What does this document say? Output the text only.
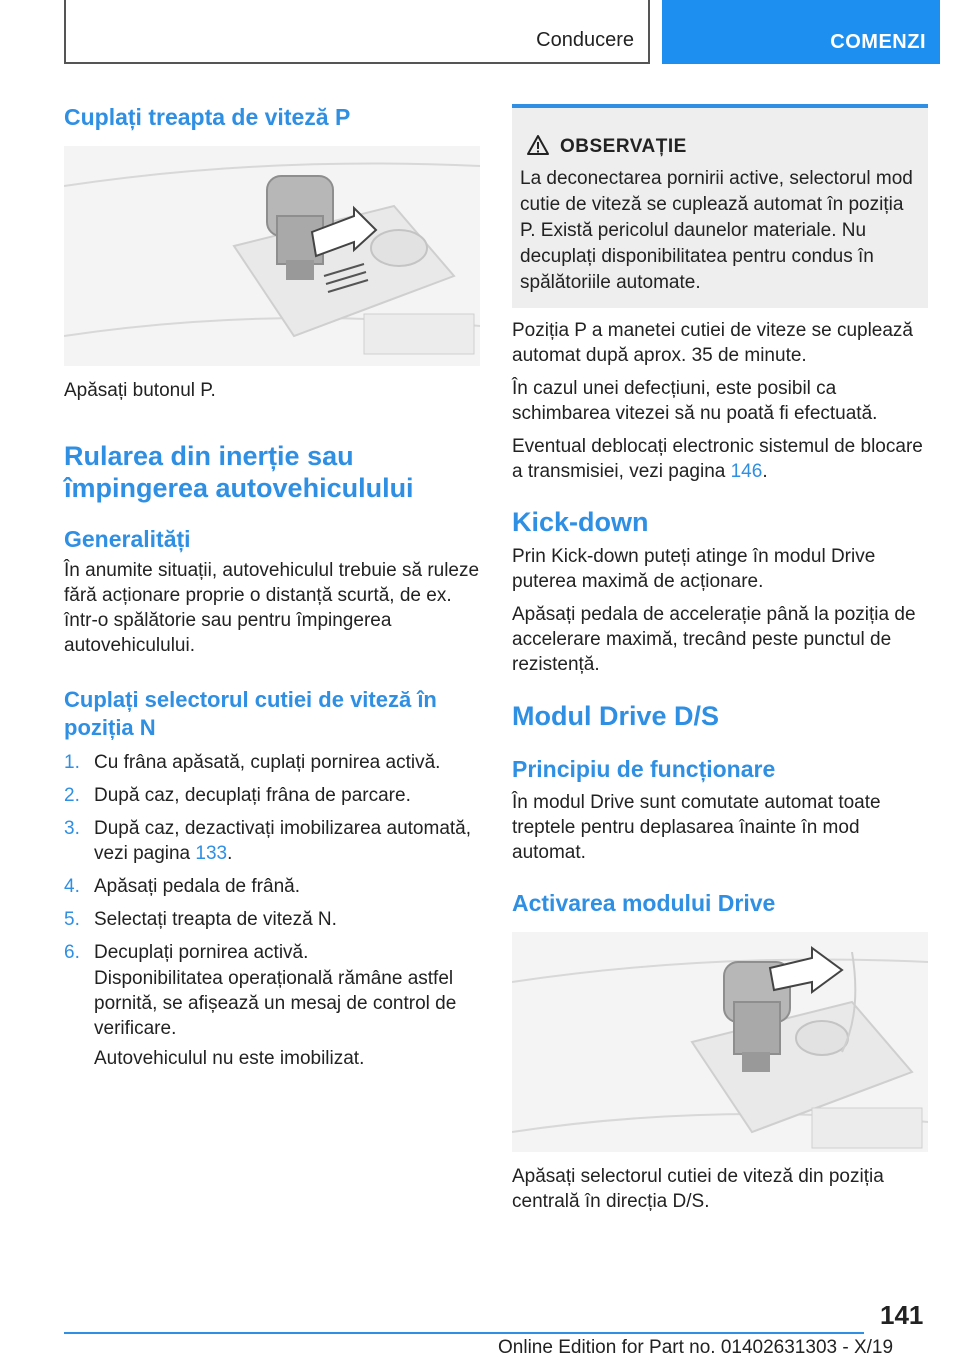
Conducere	COMENZI
Cuplați treapta de viteză P
Apăsați butonul P.
Rularea din inerție sau împingerea autovehiculului
Generalități
În anumite situații, autovehiculul trebuie să ruleze fără acționare proprie o distanță scurtă, de ex. într-o spălătorie sau pentru împingerea autovehiculului.
Cuplați selectorul cutiei de viteză în poziția N
1. Cu frâna apăsată, cuplați pornirea activă.
2. După caz, decuplați frâna de parcare.
3. După caz, dezactivați imobilizarea automată, vezi pagina 133.
4. Apăsați pedala de frână.
5. Selectați treapta de viteză N.
6. Decuplați pornirea activă.
Disponibilitatea operațională rămâne astfel pornită, se afișează un mesaj de control de verificare.
Autovehiculul nu este imobilizat.
OBSERVAȚIE
La deconectarea pornirii active, selectorul mod cutie de viteză se cuplează automat în poziția P. Există pericolul daunelor materiale. Nu decuplați disponibilitatea pentru condus în spălătoriile automate.
Poziția P a manetei cutiei de viteze se cuplează automat după aprox. 35 de minute.
În cazul unei defecțiuni, este posibil ca schimbarea vitezei să nu poată fi efectuată.
Eventual deblocați electronic sistemul de blocare a transmisiei, vezi pagina 146.
Kick-down
Prin Kick-down puteți atinge în modul Drive puterea maximă de acționare.
Apăsați pedala de accelerație până la poziția de accelerare maximă, trecând peste punctul de rezistență.
Modul Drive D/S
Principiu de funcționare
În modul Drive sunt comutate automat toate treptele pentru deplasarea înainte în mod automat.
Activarea modului Drive
Apăsați selectorul cutiei de viteză din poziția centrală în direcția D/S.
141
Online Edition for Part no. 01402631303 - X/19
